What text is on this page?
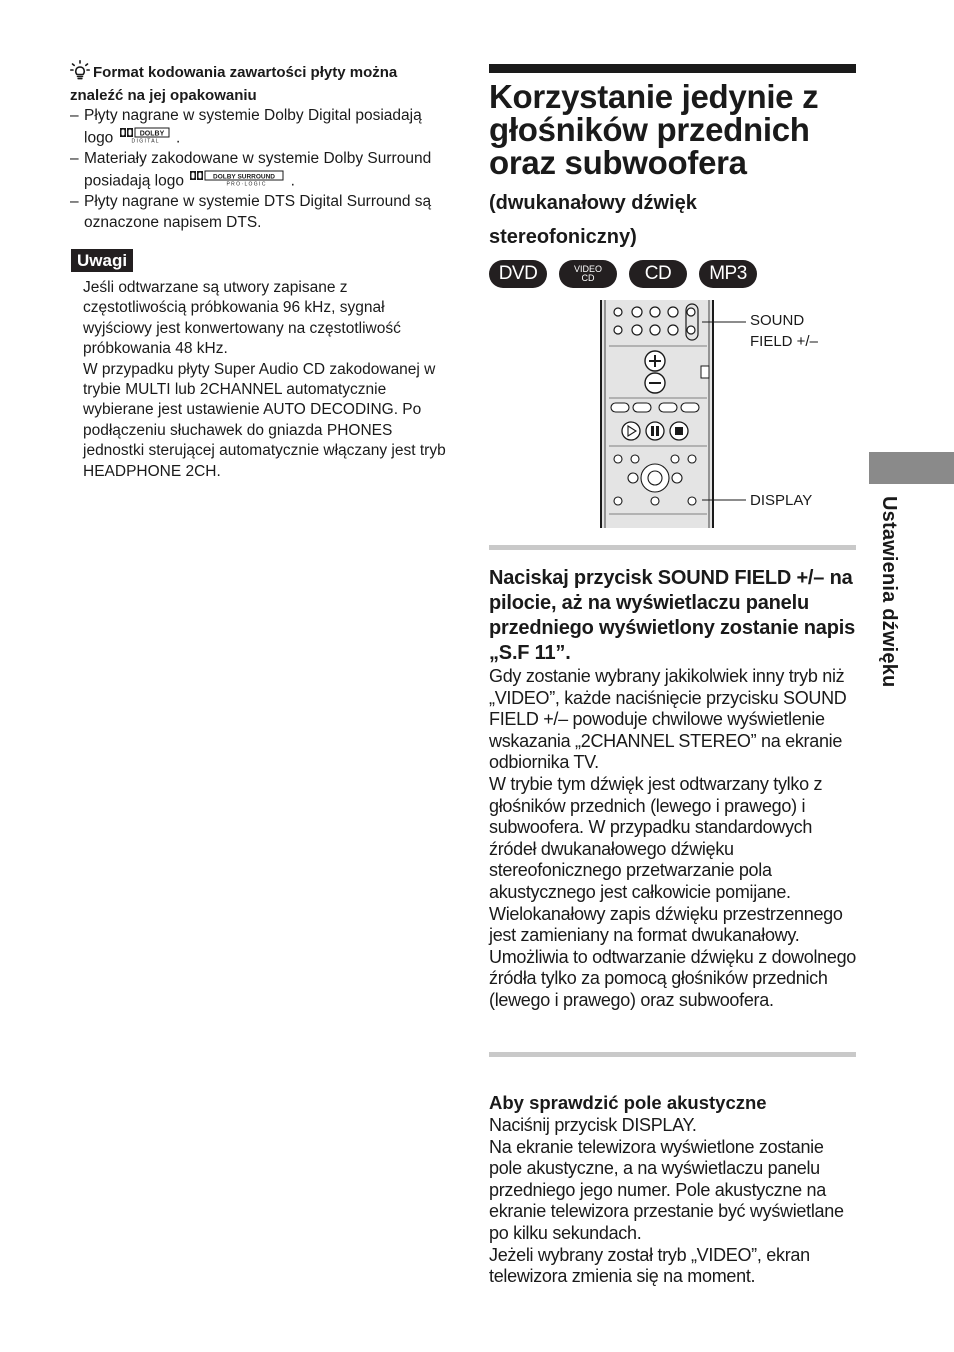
Format kodowania zawartości płyty można znaleźć na jej opakowaniu
– Płyty nagrane w systemie Dolby Digital posiadają logo	DOLBY
D I G I T A L .
– Materiały zakodowane w systemie Dolby Surround posiadają logo	DOLBY SURROUND
P R O · L O G I C .
– Płyty nagrane w systemie DTS Digital Surround są oznaczone napisem DTS.
Uwagi

Jeśli odtwarzane są utwory zapisane z częstotliwością próbkowania 96 kHz, sygnał wyjściowy jest konwertowany na częstotliwość próbkowania 48 kHz.

W przypadku płyty Super Audio CD zakodowanej w trybie MULTI lub 2CHANNEL automatycznie wybierane jest ustawienie AUTO DECODING. Po podłączeniu słuchawek do gniazda PHONES jednostki sterującej automatycznie włączany jest tryb HEADPHONE 2CH.

Korzystanie jedynie z głośników przednich oraz subwoofera
(dwukanałowy dźwięk stereofoniczny)
DVD	VIDEO
CD	CD	MP3
SOUND
FIELD +/–
DISPLAY
Naciskaj przycisk SOUND FIELD +/– na pilocie, aż na wyświetlaczu panelu przedniego wyświetlony zostanie napis „S.F 11”.

Gdy zostanie wybrany jakikolwiek inny tryb niż „VIDEO”, każde naciśnięcie przycisku SOUND FIELD +/– powoduje chwilowe wyświetlenie wskazania „2CHANNEL STEREO” na ekranie odbiornika TV.

W trybie tym dźwięk jest odtwarzany tylko z głośników przednich (lewego i prawego) i subwoofera. W przypadku standardowych źródeł dwukanałowego dźwięku stereofonicznego przetwarzanie pola akustycznego jest całkowicie pomijane. Wielokanałowy zapis dźwięku przestrzennego jest zamieniany na format dwukanałowy. Umożliwia to odtwarzanie dźwięku z dowolnego źródła tylko za pomocą głośników przednich (lewego i prawego) oraz subwoofera.

Aby sprawdzić pole akustyczne

Naciśnij przycisk DISPLAY.

Na ekranie telewizora wyświetlone zostanie pole akustyczne, a na wyświetlaczu panelu przedniego jego numer. Pole akustyczne na ekranie telewizora przestanie być wyświetlane po kilku sekundach.

Jeżeli wybrany został tryb „VIDEO”, ekran telewizora zmienia się na moment.

Ustawienia dźwięku
